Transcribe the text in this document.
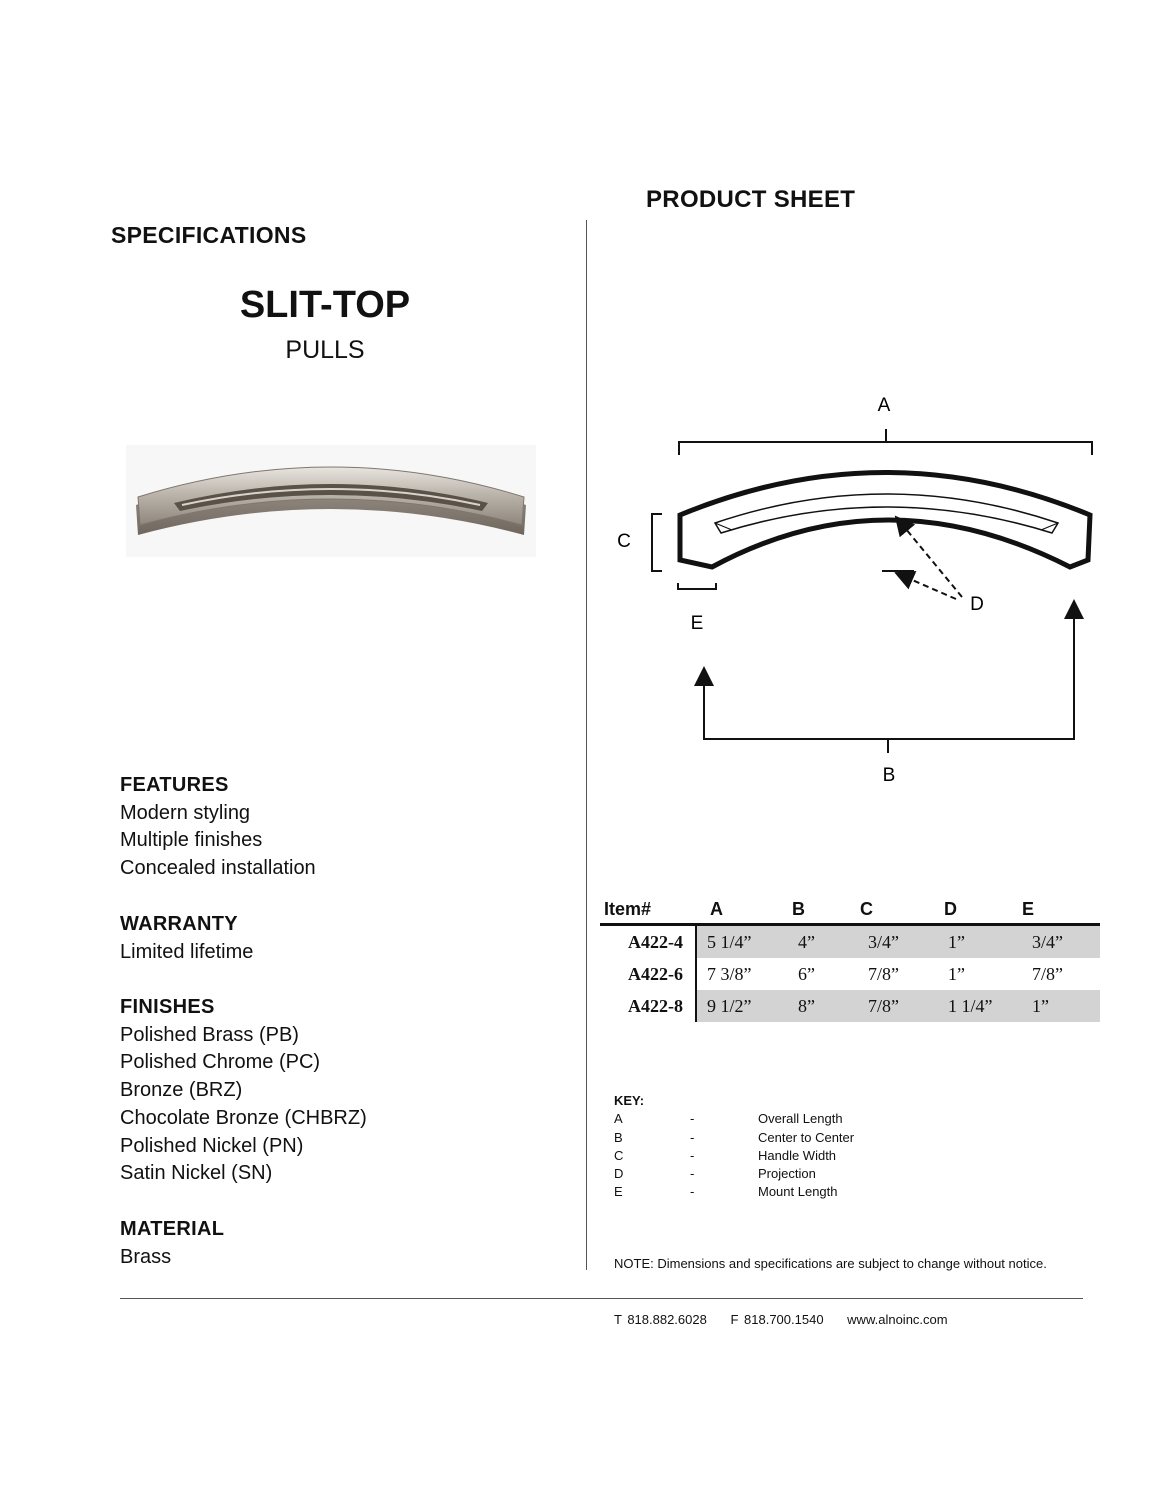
SPECIFICATIONS
PRODUCT SHEET
SLIT-TOP
PULLS
FEATURES
Modern styling
Multiple finishes
Concealed installation
WARRANTY
Limited lifetime
FINISHES
Polished Brass (PB)
Polished Chrome (PC)
Bronze (BRZ)
Chocolate Bronze (CHBRZ)
Polished Nickel (PN)
Satin Nickel (SN)
MATERIAL
Brass
A
C
E
D
B
Item#	A	B	C	D	E
A422-4	5 1/4”	4”	3/4”	1”	3/4”
A422-6	7 3/8”	6”	7/8”	1”	7/8”
A422-8	9 1/2”	8”	7/8”	1 1/4”	1”
KEY:
A	-	Overall Length
B	-	Center to Center
C	-	Handle Width
D	-	Projection
E	-	Mount Length
NOTE: Dimensions and specifications are subject to change without notice.
T 818.882.6028 F 818.700.1540 www.alnoinc.com
